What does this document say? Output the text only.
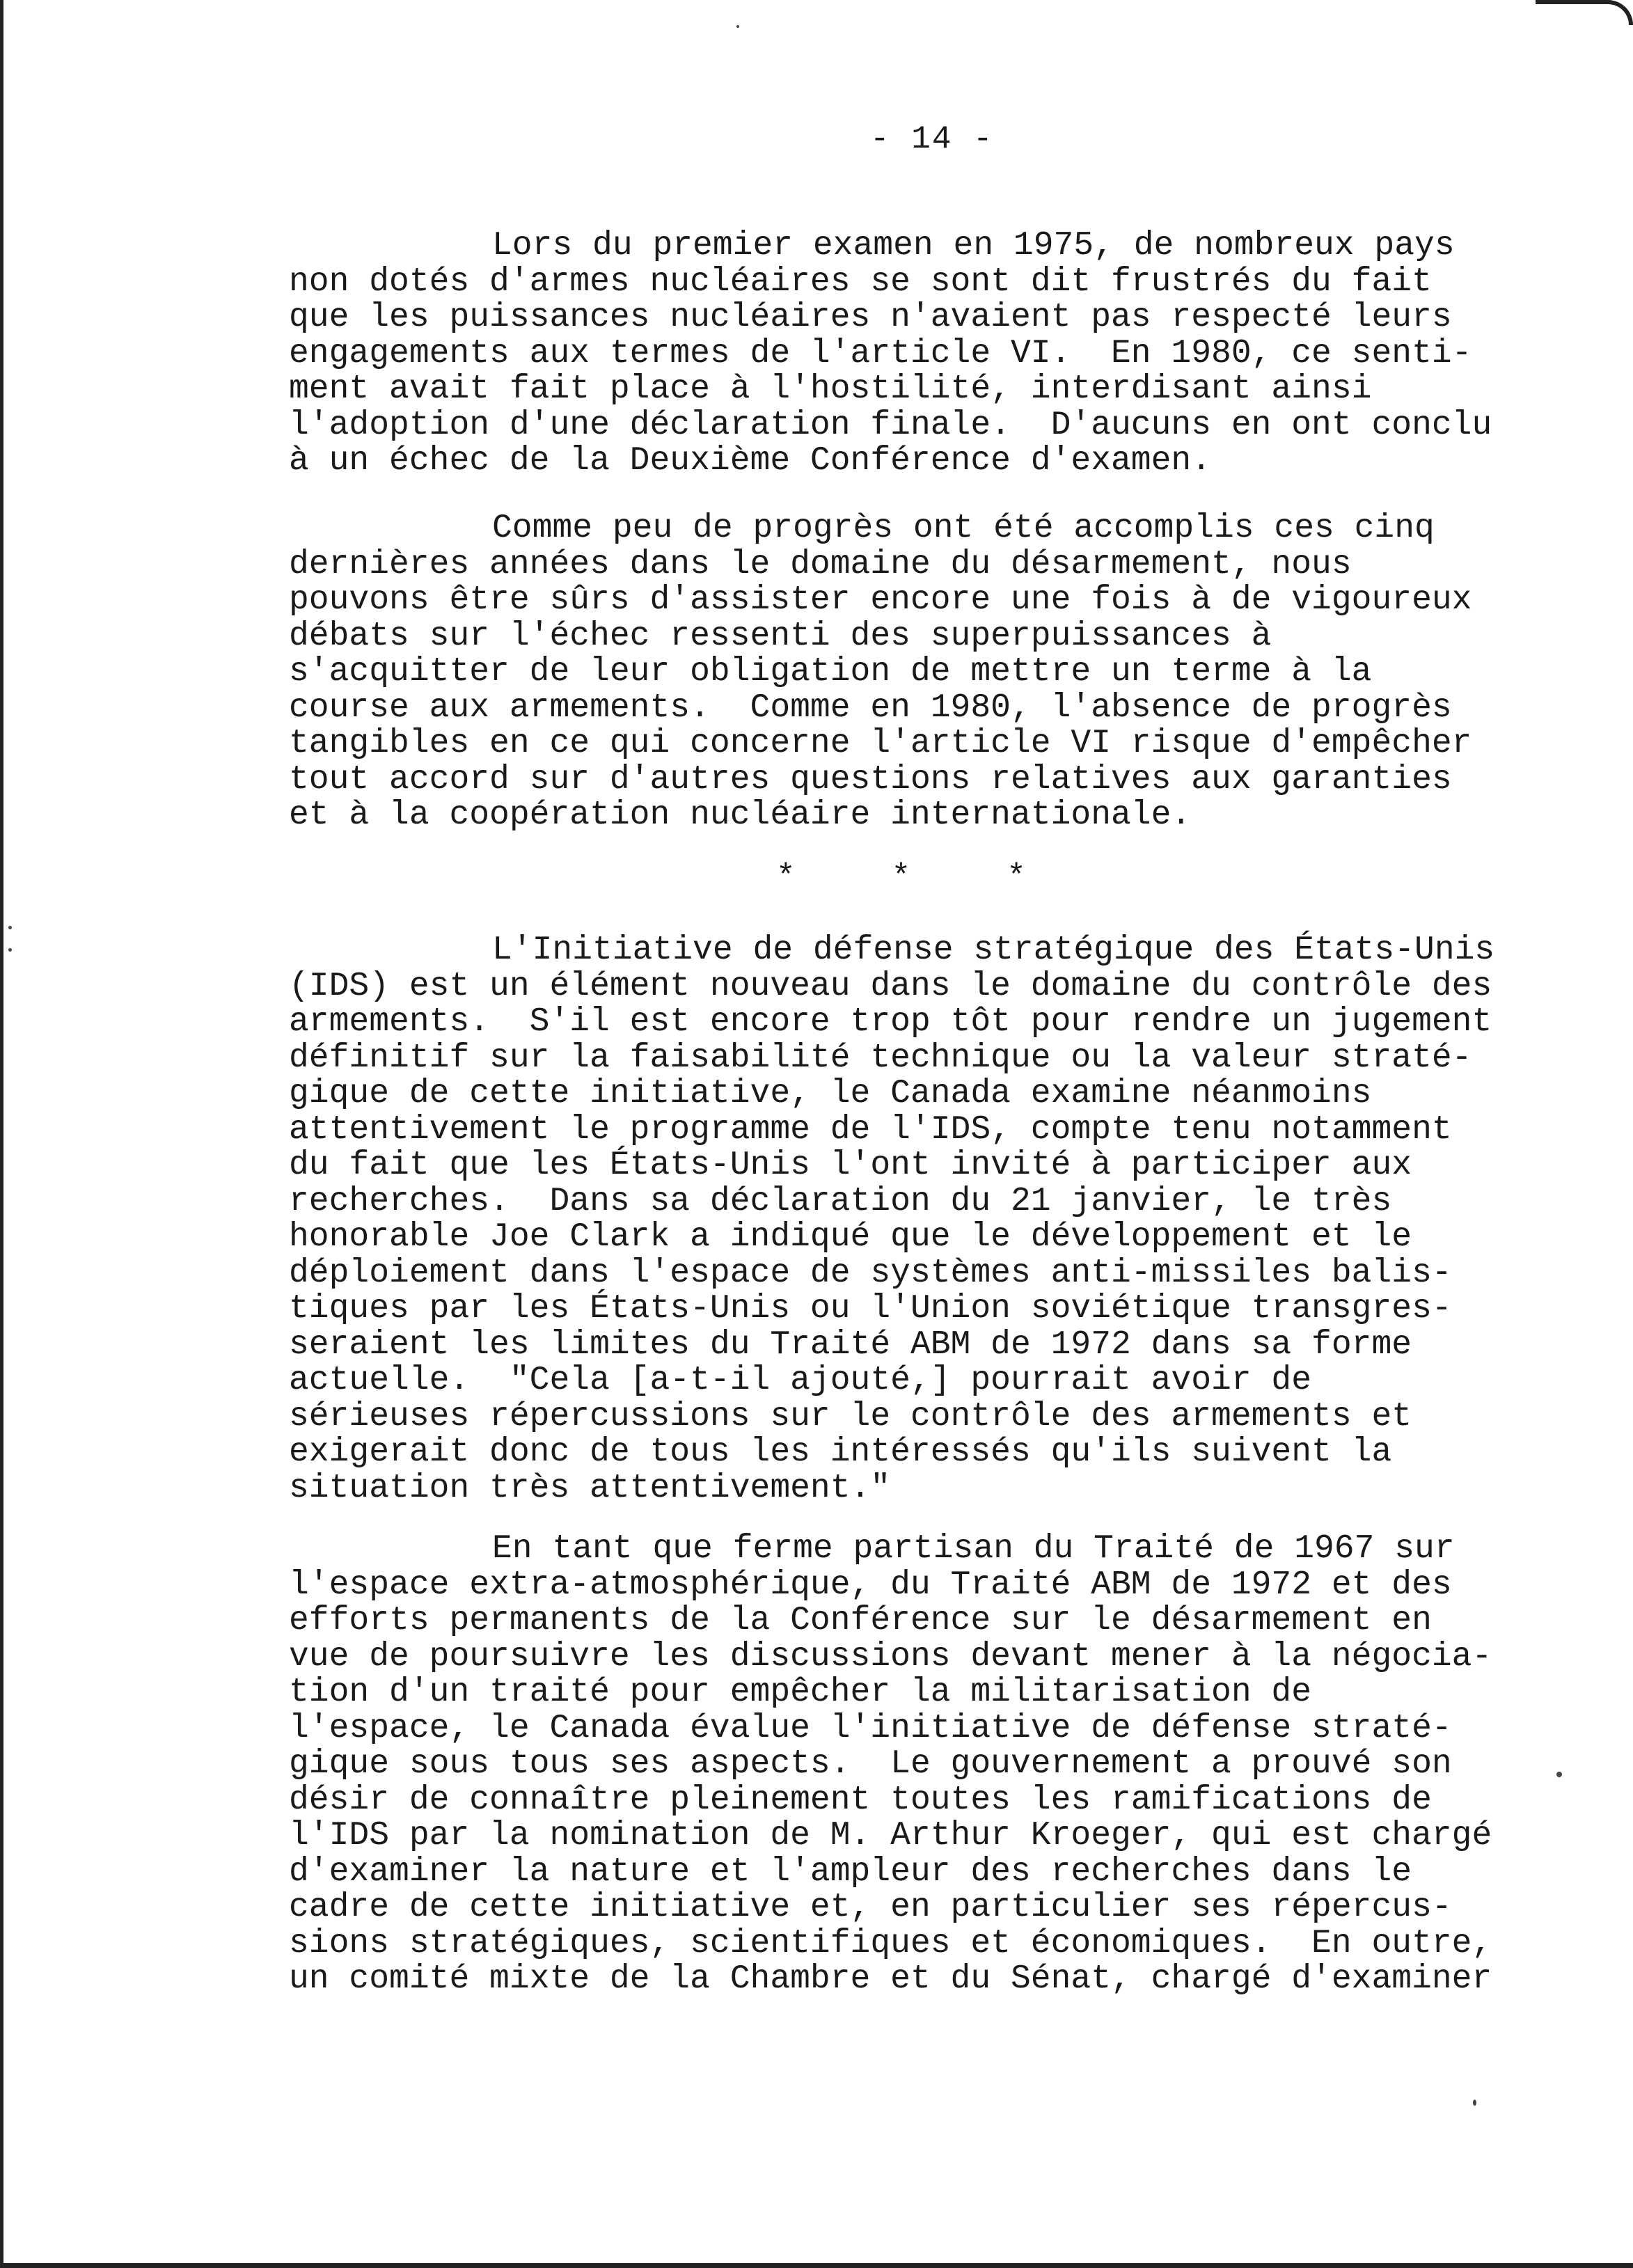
- 14 -
Lors du premier examen en 1975, de nombreux pays
non dotés d'armes nucléaires se sont dit frustrés du fait
que les puissances nucléaires n'avaient pas respecté leurs
engagements aux termes de l'article VI.  En 1980, ce senti-
ment avait fait place à l'hostilité, interdisant ainsi
l'adoption d'une déclaration finale.  D'aucuns en ont conclu
à un échec de la Deuxième Conférence d'examen.
Comme peu de progrès ont été accomplis ces cinq
dernières années dans le domaine du désarmement, nous
pouvons être sûrs d'assister encore une fois à de vigoureux
débats sur l'échec ressenti des superpuissances à
s'acquitter de leur obligation de mettre un terme à la
course aux armements.  Comme en 1980, l'absence de progrès
tangibles en ce qui concerne l'article VI risque d'empêcher
tout accord sur d'autres questions relatives aux garanties
et à la coopération nucléaire internationale.
*     *     *
L'Initiative de défense stratégique des États-Unis
(IDS) est un élément nouveau dans le domaine du contrôle des
armements.  S'il est encore trop tôt pour rendre un jugement
définitif sur la faisabilité technique ou la valeur straté-
gique de cette initiative, le Canada examine néanmoins
attentivement le programme de l'IDS, compte tenu notamment
du fait que les États-Unis l'ont invité à participer aux
recherches.  Dans sa déclaration du 21 janvier, le très
honorable Joe Clark a indiqué que le développement et le
déploiement dans l'espace de systèmes anti-missiles balis-
tiques par les États-Unis ou l'Union soviétique transgres-
seraient les limites du Traité ABM de 1972 dans sa forme
actuelle.  "Cela [a-t-il ajouté,] pourrait avoir de
sérieuses répercussions sur le contrôle des armements et
exigerait donc de tous les intéressés qu'ils suivent la
situation très attentivement."
En tant que ferme partisan du Traité de 1967 sur
l'espace extra-atmosphérique, du Traité ABM de 1972 et des
efforts permanents de la Conférence sur le désarmement en
vue de poursuivre les discussions devant mener à la négocia-
tion d'un traité pour empêcher la militarisation de
l'espace, le Canada évalue l'initiative de défense straté-
gique sous tous ses aspects.  Le gouvernement a prouvé son
désir de connaître pleinement toutes les ramifications de
l'IDS par la nomination de M. Arthur Kroeger, qui est chargé
d'examiner la nature et l'ampleur des recherches dans le
cadre de cette initiative et, en particulier ses répercus-
sions stratégiques, scientifiques et économiques.  En outre,
un comité mixte de la Chambre et du Sénat, chargé d'examiner
